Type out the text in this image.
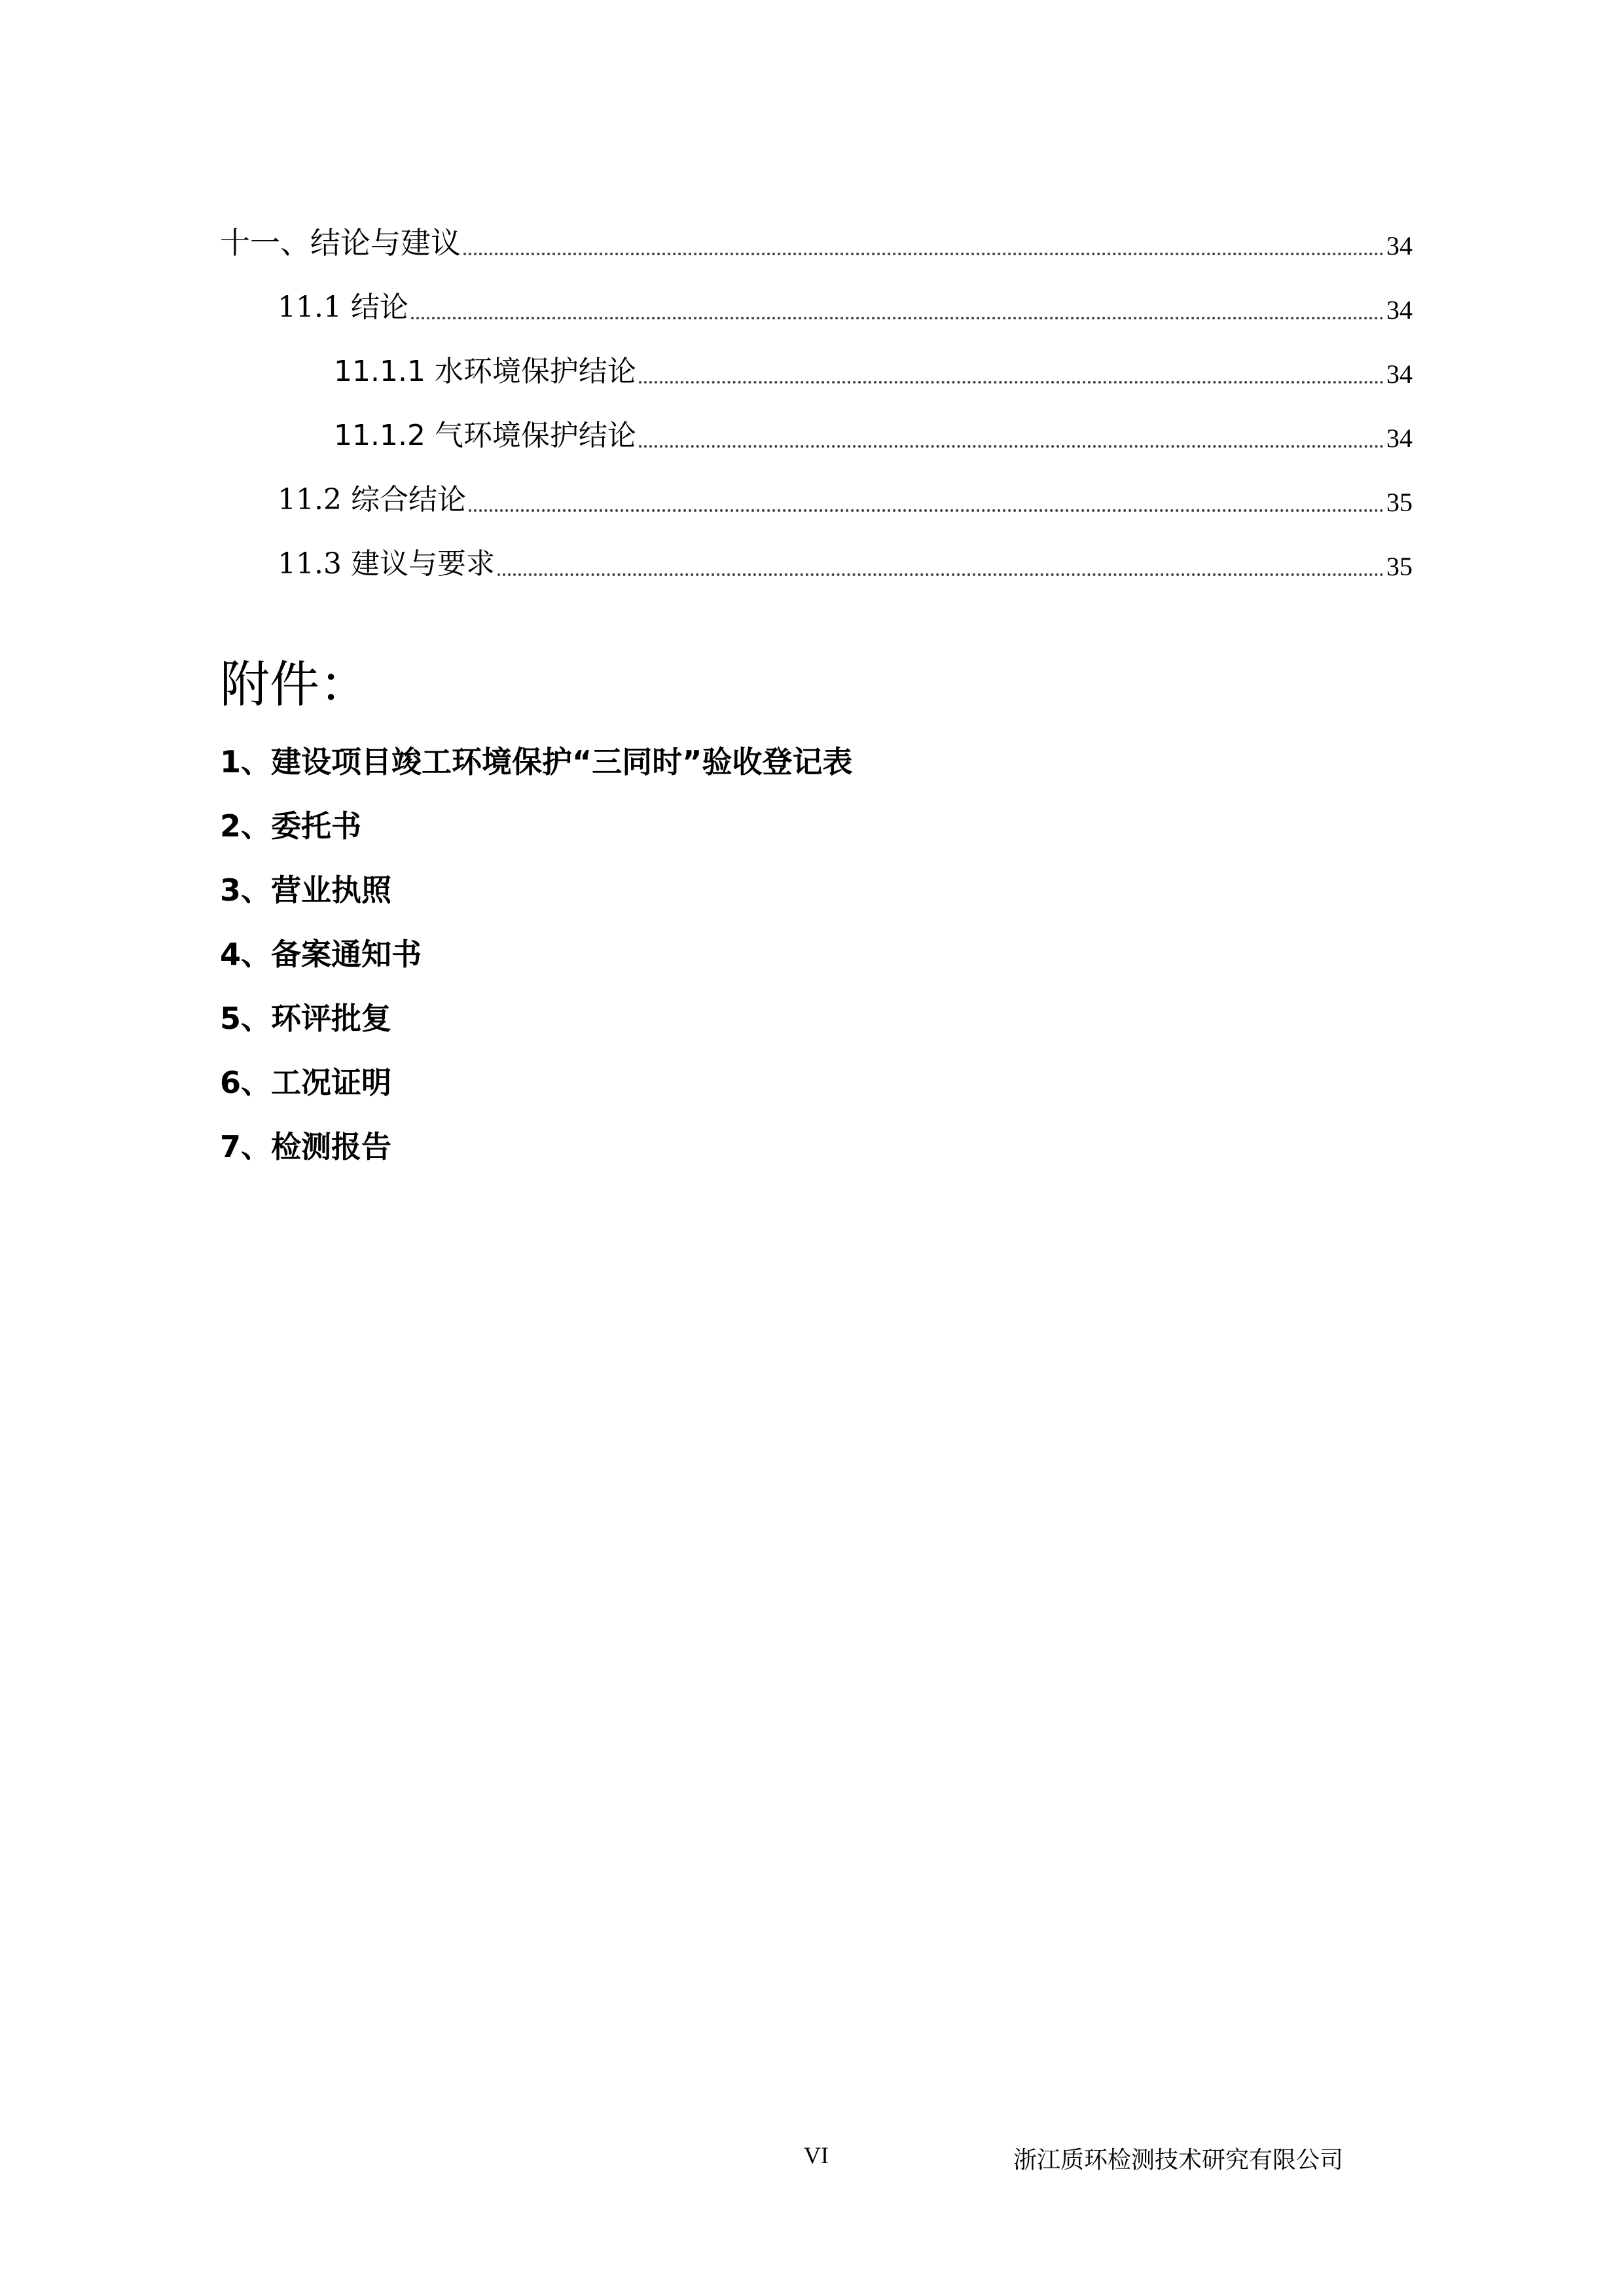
十一、结论与建议	34
11.1 结论	34
11.1.1 水环境保护结论	34
11.1.2 气环境保护结论	34
11.2 综合结论	35
11.3 建议与要求	35
附件：
1、建设项目竣工环境保护“三同时”验收登记表
2、委托书
3、营业执照
4、备案通知书
5、环评批复
6、工况证明
7、检测报告
VI	浙江质环检测技术研究有限公司
